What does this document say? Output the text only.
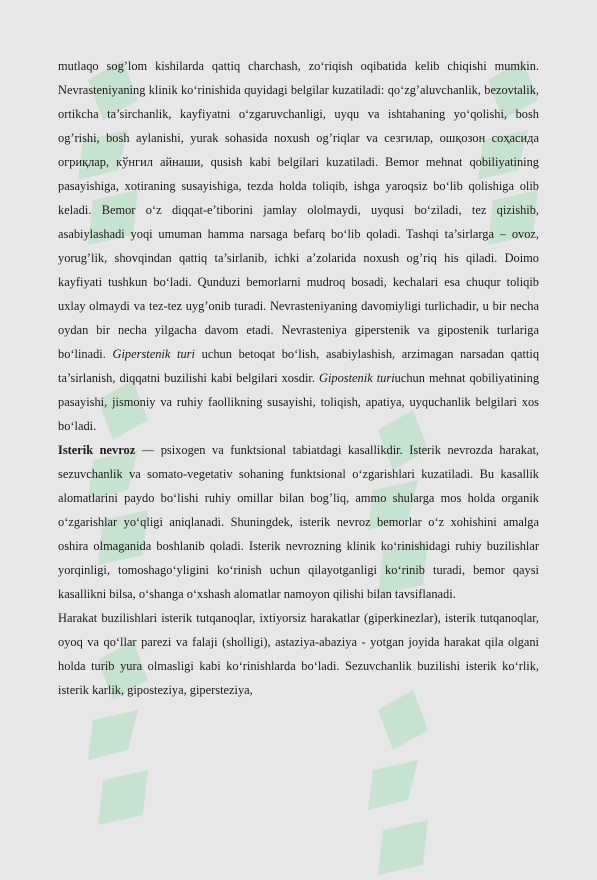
mutlaqo sog’lom kishilarda qattiq charchash, zo‘riqish oqibatida kelib chiqishi mumkin. Nevrasteniyaning klinik ko‘rinishida quyidagi belgilar kuzatiladi: qo‘zg’aluvchanlik, bezovtalik, ortikcha ta’sirchanlik, kayfiyatni o‘zgaruvchanligi, uyqu va ishtahaning yo‘qolishi, bosh og’rishi, bosh aylanishi, yurak sohasida noxush og’riqlar va сезгилар, ошқозон соҳасида огриқлар, кўнгил айнаши, qusish kabi belgilari kuzatiladi. Bemor mehnat qobiliyatining pasayishiga, xotiraning susayishiga, tezda holda toliqib, ishga yaroqsiz bo‘lib qolishiga olib keladi. Bemor o‘z diqqat-e’tiborini jamlay ololmaydi, uyqusi bo‘ziladi, tez qizishib, asabiylashadi yoqi umuman hamma narsaga befarq bo‘lib qoladi. Tashqi ta’sirlarga – ovoz, yorug’lik, shovqindan qattiq ta’sirlanib, ichki a’zolarida noxush og’riq his qiladi. Doimo kayfiyati tushkun bo‘ladi. Qunduzi bemorlarni mudroq bosadi, kechalari esa chuqur toliqib uxlay olmaydi va tez-tez uyg’onib turadi. Nevrasteniyaning davomiyligi turlichadir, u bir necha oydan bir necha yilgacha davom etadi. Nevrasteniya giperstenik va gipostenik turlariga bo‘linadi. Giperstenik turi uchun betoqat bo‘lish, asabiylashish, arzimagan narsadan qattiq ta’sirlanish, diqqatni buzilishi kabi belgilari xosdir. Gipostenik turiuchun mehnat qobiliyatining pasayishi, jismoniy va ruhiy faollikning susayishi, toliqish, apatiya, uyquchanlik belgilari xos bo‘ladi.

Isterik nevroz — psixogen va funktsional tabiatdagi kasallikdir. Isterik nevrozda harakat, sezuvchanlik va somato-vegetativ sohaning funktsional o‘zgarishlari kuzatiladi. Bu kasallik alomatlarini paydo bo‘lishi ruhiy omillar bilan bog’liq, ammo shularga mos holda organik o‘zgarishlar yo‘qligi aniqlanadi. Shuningdek, isterik nevroz bemorlar o‘z xohishini amalga oshira olmaganida boshlanib qoladi. Isterik nevrozning klinik ko‘rinishidagi ruhiy buzilishlar yorqinligi, tomoshago‘yligini ko‘rinish uchun qilayotganligi ko‘rinib turadi, bemor qaysi kasallikni bilsa, o‘shanga o‘xshash alomatlar namoyon qilishi bilan tavsiflanadi.

Harakat buzilishlari isterik tutqanoqlar, ixtiyorsiz harakatlar (giperkinezlar), isterik tutqanoqlar, oyoq va qo‘llar parezi va falaji (sholligi), astaziya-abaziya - yotgan joyida harakat qila olgani holda turib yura olmasligi kabi ko‘rinishlarda bo‘ladi. Sezuvchanlik buzilishi isterik ko‘rlik, isterik karlik, giposteziya, gipersteziya,
